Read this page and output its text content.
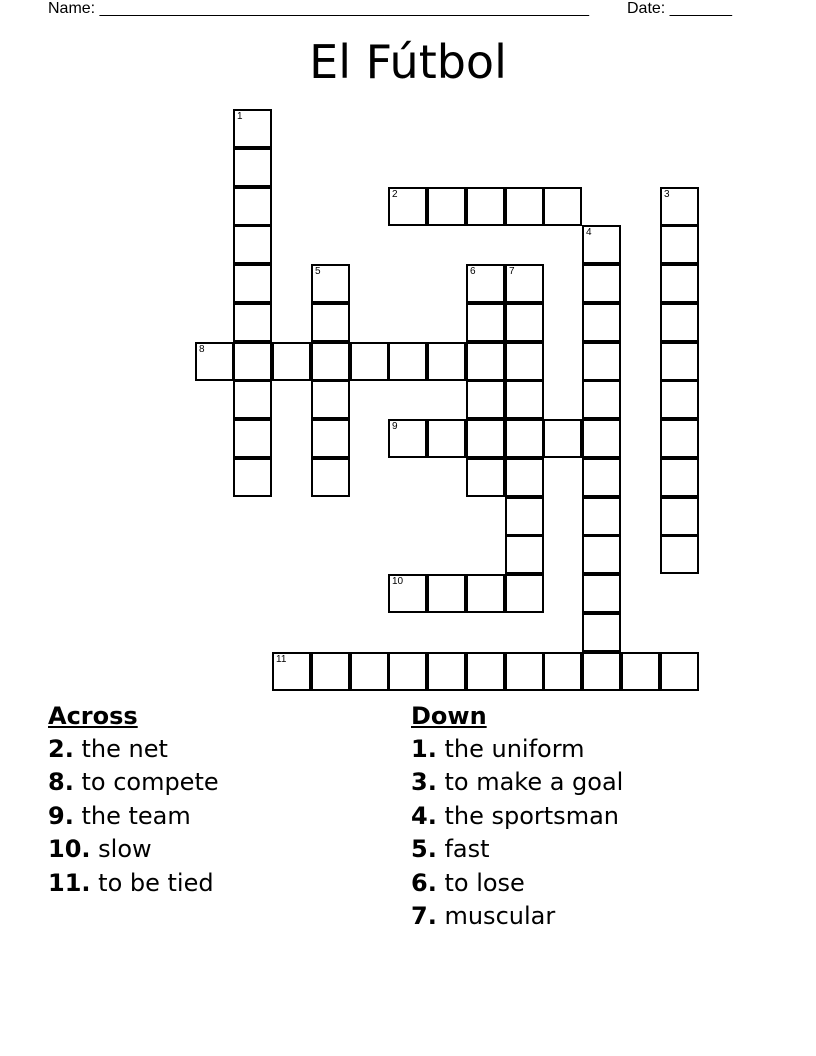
Name: _______________________________________________________ Date: _______
El Fútbol
1
2	3
4
5	6	7
8
9
10
11
Across
2. the net
8. to compete
9. the team
10. slow
11. to be tied
Down
1. the uniform
3. to make a goal
4. the sportsman
5. fast
6. to lose
7. muscular
